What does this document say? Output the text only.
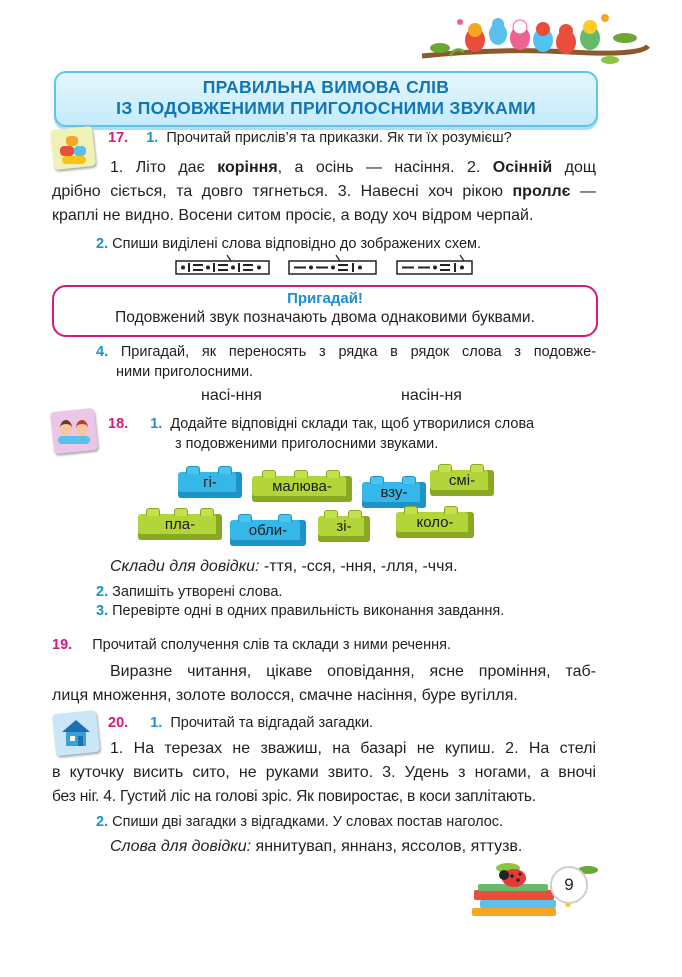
ПРАВИЛЬНА ВИМОВА СЛІВ
ІЗ ПОДОВЖЕНИМИ ПРИГОЛОСНИМИ ЗВУКАМИ
17. 1. Прочитай прислів’я та приказки. Як ти їх розумієш?
1. Літо дає коріння, а осінь — насіння. 2. Осінній дощ
дрібно сіється, та довго тягнеться. 3. Навесні хоч рікою проллє —
краплі не видно. Восени ситом просіє, а воду хоч відром черпай.
2. Спиши виділені слова відповідно до зображених схем.
Пригадай!
Подовжений звук позначають двома однаковими буквами.
4. Пригадай, як переносять з рядка в рядок слова з подовже-
ними приголосними.
насі-ння	насін-ня
18. 1. Додайте відповідні склади так, щоб утворилися слова
з подовженими приголосними звуками.
гі-	малюва-	взу-
смі-
пла-	обли-	зі-	коло-
Склади для довідки: -ття, -сся, -ння, -лля, -ччя.
2. Запишіть утворені слова.
3. Перевірте одні в одних правильність виконання завдання.
19. Прочитай сполучення слів та склади з ними речення.
Виразне читання, цікаве оповідання, ясне проміння, таб-
лиця множення, золоте волосся, смачне насіння, буре вугілля.
20. 1. Прочитай та відгадай загадки.
1. На терезах не зважиш, на базарі не купиш. 2. На стелі
в куточку висить сито, не руками звито. 3. Удень з ногами, а вночі
без ніг. 4. Густий ліс на голові зріс. Як повиростає, в коси заплітають.
2. Спиши дві загадки з відгадками. У словах постав наголос.
Слова для довідки: яннитувап, яннанз, яссолов, яттузв.
9
